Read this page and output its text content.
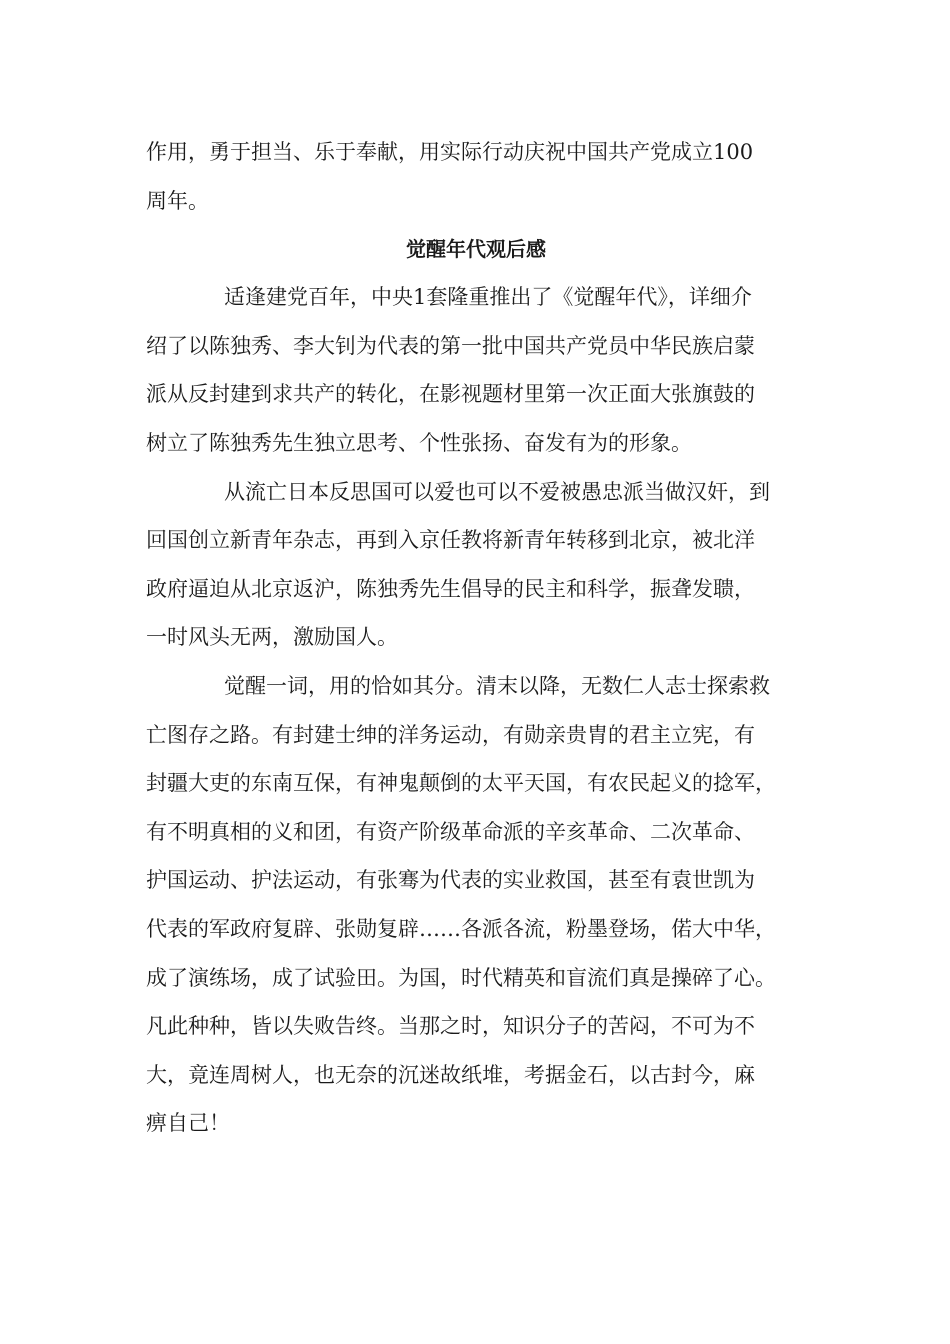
作用，勇于担当、乐于奉献，用实际行动庆祝中国共产党成立100
周年。
觉醒年代观后感
适逢建党百年，中央1套隆重推出了《觉醒年代》，详细介
绍了以陈独秀、李大钊为代表的第一批中国共产党员中华民族启蒙
派从反封建到求共产的转化，在影视题材里第一次正面大张旗鼓的
树立了陈独秀先生独立思考、个性张扬、奋发有为的形象。
从流亡日本反思国可以爱也可以不爱被愚忠派当做汉奸，到
回国创立新青年杂志，再到入京任教将新青年转移到北京，被北洋
政府逼迫从北京返沪，陈独秀先生倡导的民主和科学，振聋发聩，
一时风头无两，激励国人。
觉醒一词，用的恰如其分。清末以降，无数仁人志士探索救
亡图存之路。有封建士绅的洋务运动，有勋亲贵胄的君主立宪，有
封疆大吏的东南互保，有神鬼颠倒的太平天国，有农民起义的捻军，
有不明真相的义和团，有资产阶级革命派的辛亥革命、二次革命、
护国运动、护法运动，有张骞为代表的实业救国，甚至有袁世凯为
代表的军政府复辟、张勋复辟……各派各流，粉墨登场，偌大中华，
成了演练场，成了试验田。为国，时代精英和盲流们真是操碎了心。
凡此种种，皆以失败告终。当那之时，知识分子的苦闷，不可为不
大，竟连周树人，也无奈的沉迷故纸堆，考据金石，以古封今，麻
痹自己！
